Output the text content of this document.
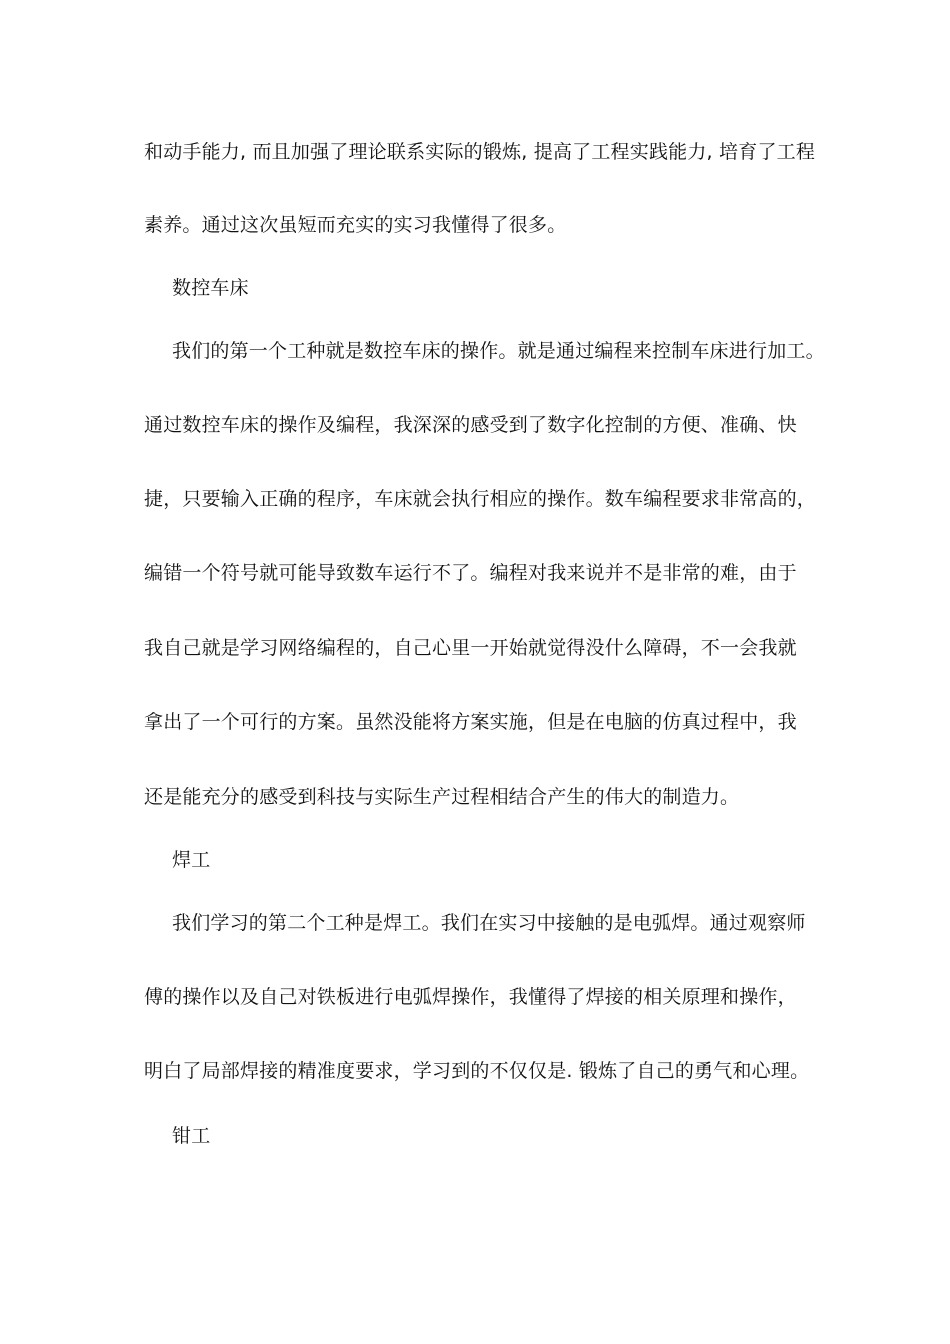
和动手能力, 而且加强了理论联系实际的锻炼, 提高了工程实践能力, 培育了工程
素养。通过这次虽短而充实的实习我懂得了很多。
数控车床
我们的第一个工种就是数控车床的操作。就是通过编程来控制车床进行加工。
通过数控车床的操作及编程，我深深的感受到了数字化控制的方便、准确、快
捷，只要输入正确的程序，车床就会执行相应的操作。数车编程要求非常高的，
编错一个符号就可能导致数车运行不了。编程对我来说并不是非常的难，由于
我自己就是学习网络编程的，自己心里一开始就觉得没什么障碍，不一会我就
拿出了一个可行的方案。虽然没能将方案实施，但是在电脑的仿真过程中，我
还是能充分的感受到科技与实际生产过程相结合产生的伟大的制造力。
焊工
我们学习的第二个工种是焊工。我们在实习中接触的是电弧焊。通过观察师
傅的操作以及自己对铁板进行电弧焊操作，我懂得了焊接的相关原理和操作，
明白了局部焊接的精准度要求，学习到的不仅仅是. 锻炼了自己的勇气和心理。
钳工
